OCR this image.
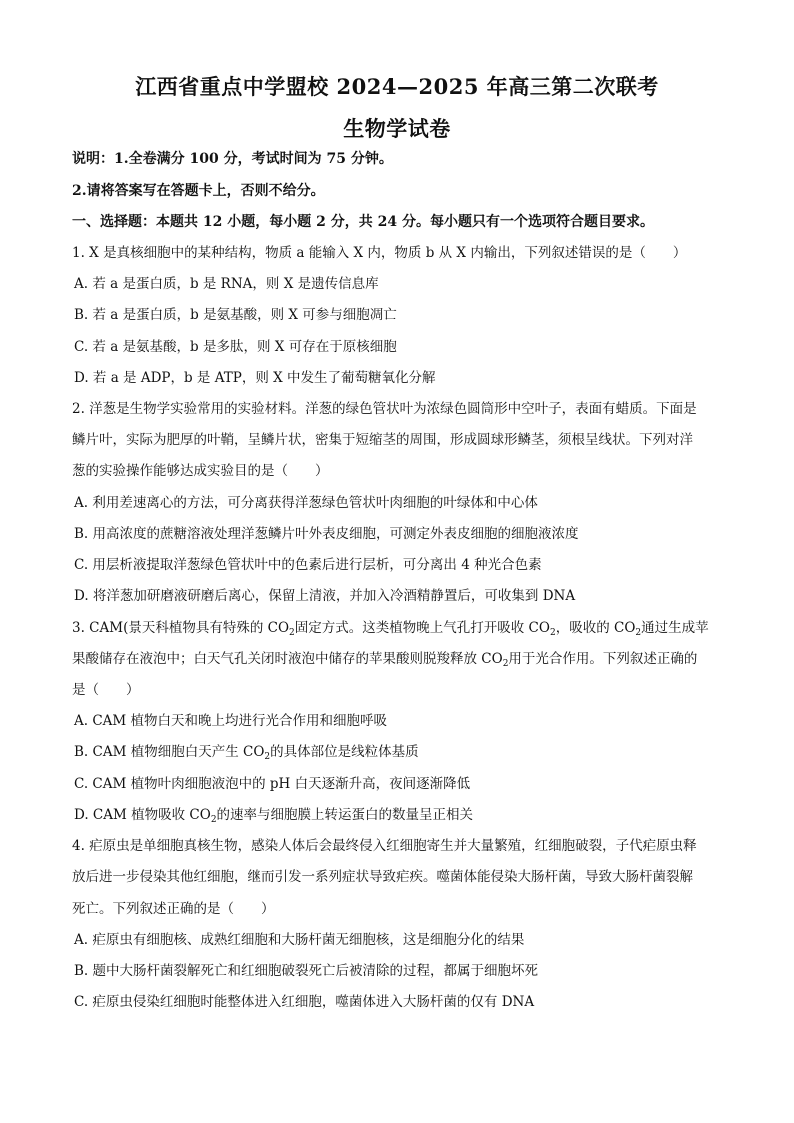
江西省重点中学盟校 2024—2025 年高三第二次联考
生物学试卷
说明：1.全卷满分 100 分，考试时间为 75 分钟。
2.请将答案写在答题卡上，否则不给分。
一、选择题：本题共 12 小题，每小题 2 分，共 24 分。每小题只有一个选项符合题目要求。
1. X 是真核细胞中的某种结构，物质 a 能输入 X 内，物质 b 从 X 内输出，下列叙述错误的是（　　）
A. 若 a 是蛋白质，b 是 RNA，则 X 是遗传信息库
B. 若 a 是蛋白质，b 是氨基酸，则 X 可参与细胞凋亡
C. 若 a 是氨基酸，b 是多肽，则 X 可存在于原核细胞
D. 若 a 是 ADP，b 是 ATP，则 X 中发生了葡萄糖氧化分解
2. 洋葱是生物学实验常用的实验材料。洋葱的绿色管状叶为浓绿色圆筒形中空叶子，表面有蜡质。下面是
鳞片叶，实际为肥厚的叶鞘，呈鳞片状，密集于短缩茎的周围，形成圆球形鳞茎，须根呈线状。下列对洋
葱的实验操作能够达成实验目的是（　　）
A. 利用差速离心的方法，可分离获得洋葱绿色管状叶肉细胞的叶绿体和中心体
B. 用高浓度的蔗糖溶液处理洋葱鳞片叶外表皮细胞，可测定外表皮细胞的细胞液浓度
C. 用层析液提取洋葱绿色管状叶中的色素后进行层析，可分离出 4 种光合色素
D. 将洋葱加研磨液研磨后离心，保留上清液，并加入冷酒精静置后，可收集到 DNA
3. CAM(景天科植物具有特殊的 $CO_2$固定方式。这类植物晚上气孔打开吸收 $CO_2$，吸收的 $CO_2$通过生成苹
果酸储存在液泡中；白天气孔关闭时液泡中储存的苹果酸则脱羧释放 $CO_2$用于光合作用。下列叙述正确的
是（　　）
A. CAM 植物白天和晚上均进行光合作用和细胞呼吸
B. CAM 植物细胞白天产生 $CO_2$的具体部位是线粒体基质
C. CAM 植物叶肉细胞液泡中的 pH 白天逐渐升高，夜间逐渐降低
D. CAM 植物吸收 $CO_2$的速率与细胞膜上转运蛋白的数量呈正相关
4. 疟原虫是单细胞真核生物，感染人体后会最终侵入红细胞寄生并大量繁殖，红细胞破裂，子代疟原虫释
放后进一步侵染其他红细胞，继而引发一系列症状导致疟疾。噬菌体能侵染大肠杆菌，导致大肠杆菌裂解
死亡。下列叙述正确的是（　　）
A. 疟原虫有细胞核、成熟红细胞和大肠杆菌无细胞核，这是细胞分化的结果
B. 题中大肠杆菌裂解死亡和红细胞破裂死亡后被清除的过程，都属于细胞坏死
C. 疟原虫侵染红细胞时能整体进入红细胞，噬菌体进入大肠杆菌的仅有 DNA
